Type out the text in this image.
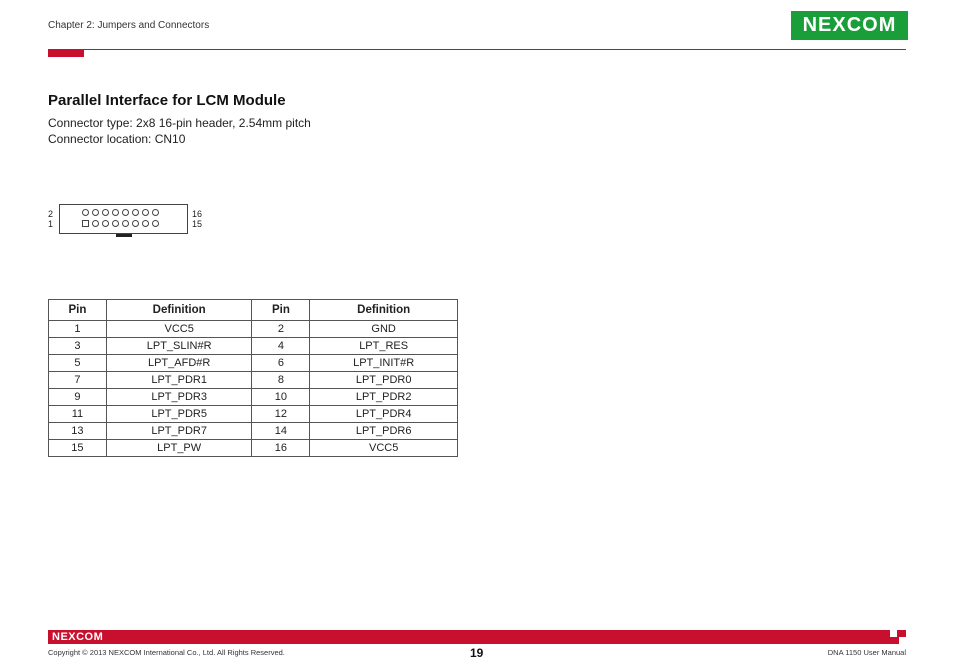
Chapter 2: Jumpers and Connectors	NEXCOM
Parallel Interface for LCM Module
Connector type: 2x8 16-pin header, 2.54mm pitch
Connector location: CN10
2
1
16
15
Pin	Definition	Pin	Definition
1	VCC5	2	GND
3	LPT_SLIN#R	4	LPT_RES
5	LPT_AFD#R	6	LPT_INIT#R
7	LPT_PDR1	8	LPT_PDR0
9	LPT_PDR3	10	LPT_PDR2
11	LPT_PDR5	12	LPT_PDR4
13	LPT_PDR7	14	LPT_PDR6
15	LPT_PW	16	VCC5
NEXCOM
Copyright © 2013 NEXCOM International Co., Ltd. All Rights Reserved.	19	DNA 1150 User Manual
